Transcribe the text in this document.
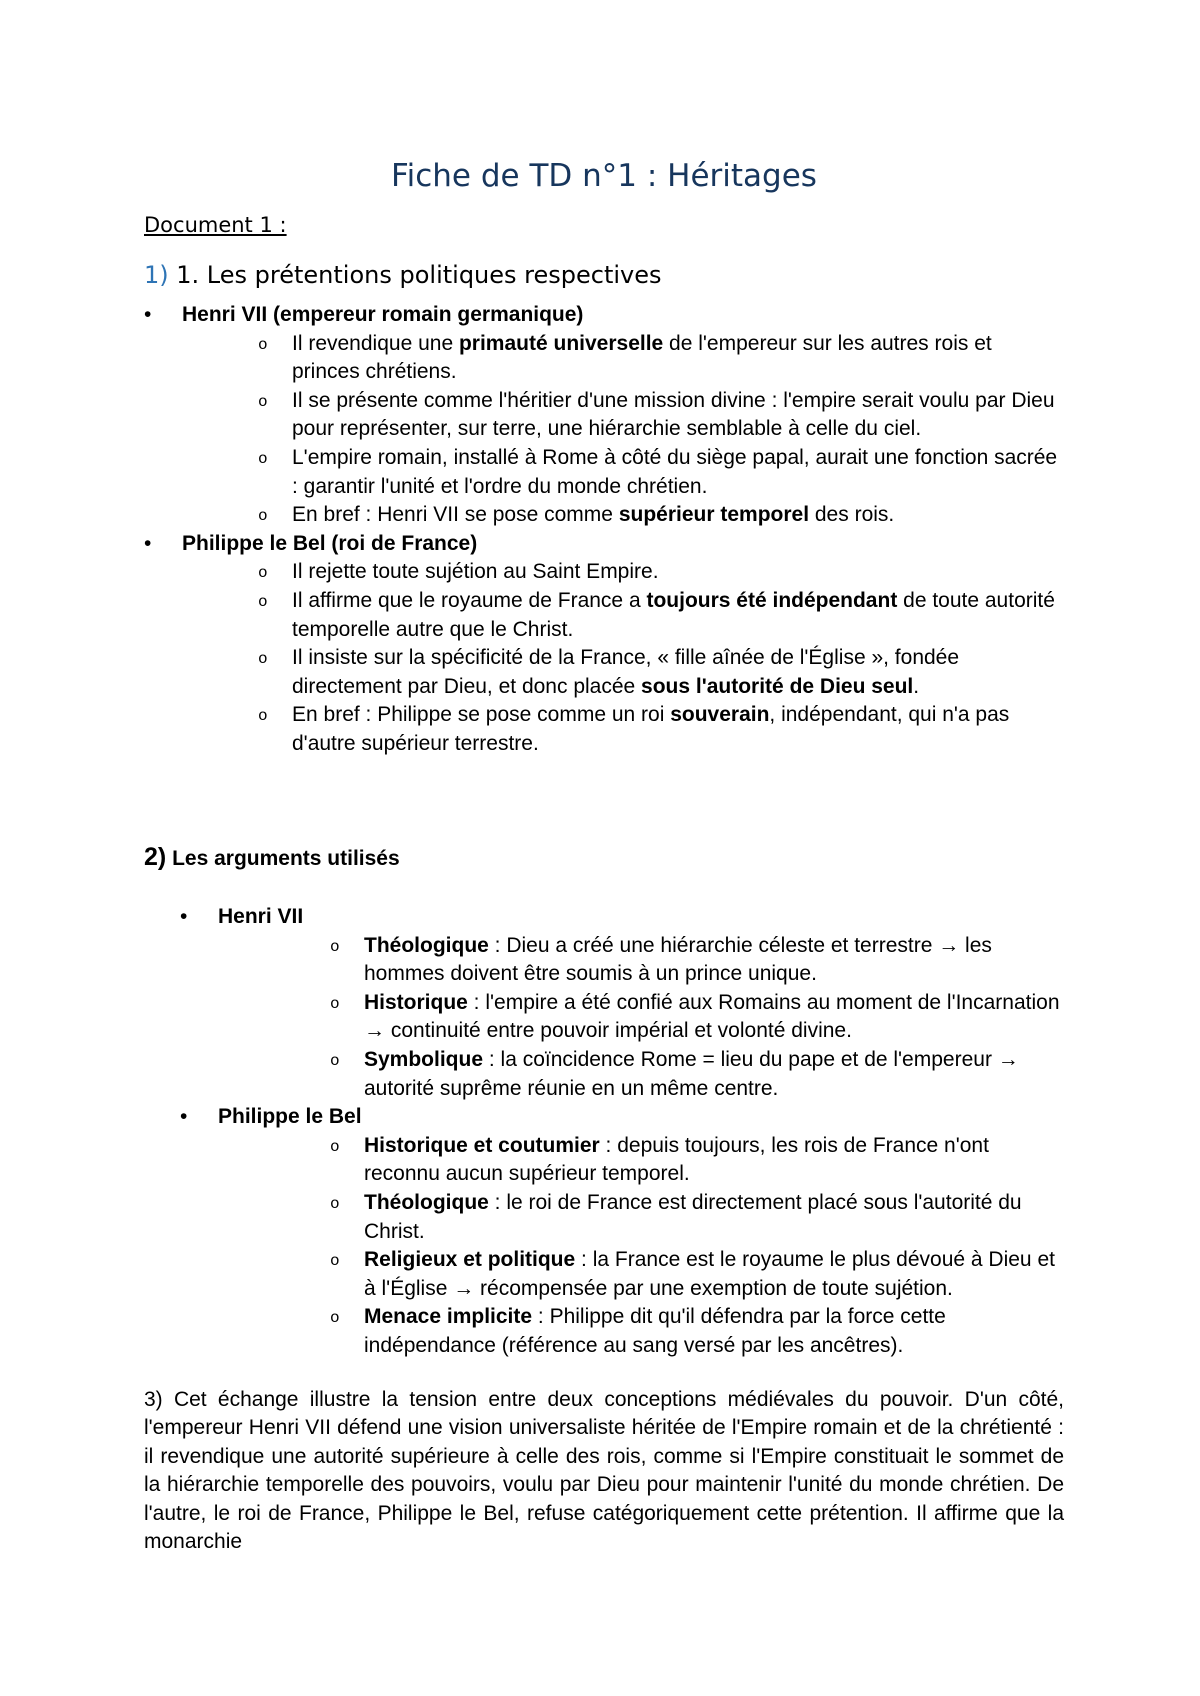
Fiche de TD n°1 : Héritages

Document 1 :

1) 1. Les prétentions politiques respectives
• Henri VII (empereur romain germanique)
o Il revendique une primauté universelle de l'empereur sur les autres rois et princes chrétiens.
o Il se présente comme l'héritier d'une mission divine : l'empire serait voulu par Dieu pour représenter, sur terre, une hiérarchie semblable à celle du ciel.
o L'empire romain, installé à Rome à côté du siège papal, aurait une fonction sacrée : garantir l'unité et l'ordre du monde chrétien.
o En bref : Henri VII se pose comme supérieur temporel des rois.
• Philippe le Bel (roi de France)
o Il rejette toute sujétion au Saint Empire.
o Il affirme que le royaume de France a toujours été indépendant de toute autorité temporelle autre que le Christ.
o Il insiste sur la spécificité de la France, « fille aînée de l'Église », fondée directement par Dieu, et donc placée sous l'autorité de Dieu seul.
o En bref : Philippe se pose comme un roi souverain, indépendant, qui n'a pas d'autre supérieur terrestre.
2) Les arguments utilisés
• Henri VII
o Théologique : Dieu a créé une hiérarchie céleste et terrestre → les hommes doivent être soumis à un prince unique.
o Historique : l'empire a été confié aux Romains au moment de l'Incarnation → continuité entre pouvoir impérial et volonté divine.
o Symbolique : la coïncidence Rome = lieu du pape et de l'empereur → autorité suprême réunie en un même centre.
• Philippe le Bel
o Historique et coutumier : depuis toujours, les rois de France n'ont reconnu aucun supérieur temporel.
o Théologique : le roi de France est directement placé sous l'autorité du Christ.
o Religieux et politique : la France est le royaume le plus dévoué à Dieu et à l'Église → récompensée par une exemption de toute sujétion.
o Menace implicite : Philippe dit qu'il défendra par la force cette indépendance (référence au sang versé par les ancêtres).

3) Cet échange illustre la tension entre deux conceptions médiévales du pouvoir. D'un côté, l'empereur Henri VII défend une vision universaliste héritée de l'Empire romain et de la chrétienté : il revendique une autorité supérieure à celle des rois, comme si l'Empire constituait le sommet de la hiérarchie temporelle des pouvoirs, voulu par Dieu pour maintenir l'unité du monde chrétien. De l'autre, le roi de France, Philippe le Bel, refuse catégoriquement cette prétention. Il affirme que la monarchie
